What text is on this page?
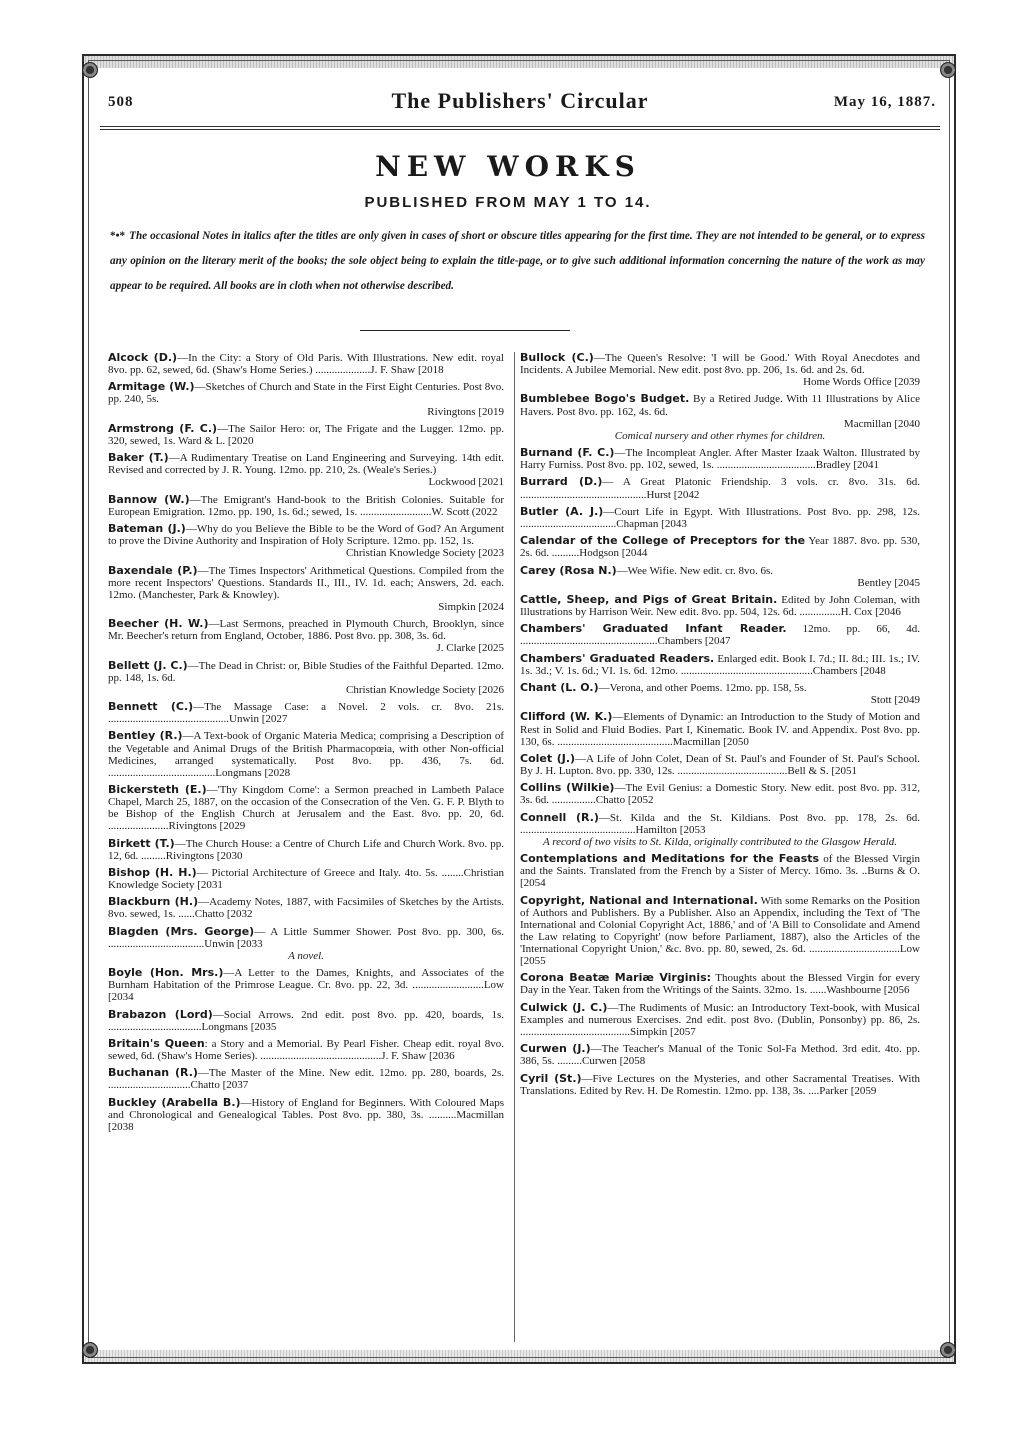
508	The Publishers' Circular	May 16, 1887.
NEW WORKS
PUBLISHED FROM MAY 1 TO 14.
*•* The occasional Notes in italics after the titles are only given in cases of short or obscure titles appearing for the first time. They are not intended to be general, or to express any opinion on the literary merit of the books; the sole object being to explain the title-page, or to give such additional information concerning the nature of the work as may appear to be required. All books are in cloth when not otherwise described.
Alcock (D.)—In the City: a Story of Old Paris. With Illustrations. New edit. royal 8vo. pp. 62, sewed, 6d. (Shaw's Home Series.) ....................J. F. Shaw [2018
Armitage (W.)—Sketches of Church and State in the First Eight Centuries. Post 8vo. pp. 240, 5s.
Rivingtons [2019
Armstrong (F. C.)—The Sailor Hero: or, The Frigate and the Lugger. 12mo. pp. 320, sewed, 1s. Ward & L. [2020
Baker (T.)—A Rudimentary Treatise on Land Engineering and Surveying. 14th edit. Revised and corrected by J. R. Young. 12mo. pp. 210, 2s. (Weale's Series.)
Lockwood [2021
Bannow (W.)—The Emigrant's Hand-book to the British Colonies. Suitable for European Emigration. 12mo. pp. 190, 1s. 6d.; sewed, 1s. ..........................W. Scott (2022
Bateman (J.)—Why do you Believe the Bible to be the Word of God? An Argument to prove the Divine Authority and Inspiration of Holy Scripture. 12mo. pp. 152, 1s.
Christian Knowledge Society [2023
Baxendale (P.)—The Times Inspectors' Arithmetical Questions. Compiled from the more recent Inspectors' Questions. Standards II., III., IV. 1d. each; Answers, 2d. each. 12mo. (Manchester, Park & Knowley).
Simpkin [2024
Beecher (H. W.)—Last Sermons, preached in Plymouth Church, Brooklyn, since Mr. Beecher's return from England, October, 1886. Post 8vo. pp. 308, 3s. 6d.
J. Clarke [2025
Bellett (J. C.)—The Dead in Christ: or, Bible Studies of the Faithful Departed. 12mo. pp. 148, 1s. 6d.
Christian Knowledge Society [2026
Bennett (C.)—The Massage Case: a Novel. 2 vols. cr. 8vo. 21s. ............................................Unwin [2027
Bentley (R.)—A Text-book of Organic Materia Medica; comprising a Description of the Vegetable and Animal Drugs of the British Pharmacopœia, with other Non-official Medicines, arranged systematically. Post 8vo. pp. 436, 7s. 6d. .......................................Longmans [2028
Bickersteth (E.)—'Thy Kingdom Come': a Sermon preached in Lambeth Palace Chapel, March 25, 1887, on the occasion of the Consecration of the Ven. G. F. P. Blyth to be Bishop of the English Church at Jerusalem and the East. 8vo. pp. 20, 6d. ......................Rivingtons [2029
Birkett (T.)—The Church House: a Centre of Church Life and Church Work. 8vo. pp. 12, 6d. .........Rivingtons [2030
Bishop (H. H.)— Pictorial Architecture of Greece and Italy. 4to. 5s. ........Christian Knowledge Society [2031
Blackburn (H.)—Academy Notes, 1887, with Facsimiles of Sketches by the Artists. 8vo. sewed, 1s. ......Chatto [2032
Blagden (Mrs. George)— A Little Summer Shower. Post 8vo. pp. 300, 6s. ...................................Unwin [2033
A novel.
Boyle (Hon. Mrs.)—A Letter to the Dames, Knights, and Associates of the Burnham Habitation of the Primrose League. Cr. 8vo. pp. 22, 3d. ..........................Low [2034
Brabazon (Lord)—Social Arrows. 2nd edit. post 8vo. pp. 420, boards, 1s. ..................................Longmans [2035
Britain's Queen: a Story and a Memorial. By Pearl Fisher. Cheap edit. royal 8vo. sewed, 6d. (Shaw's Home Series). ............................................J. F. Shaw [2036
Buchanan (R.)—The Master of the Mine. New edit. 12mo. pp. 280, boards, 2s. ..............................Chatto [2037
Buckley (Arabella B.)—History of England for Beginners. With Coloured Maps and Chronological and Genealogical Tables. Post 8vo. pp. 380, 3s. ..........Macmillan [2038
Bullock (C.)—The Queen's Resolve: 'I will be Good.' With Royal Anecdotes and Incidents. A Jubilee Memorial. New edit. post 8vo. pp. 206, 1s. 6d. and 2s. 6d.
Home Words Office [2039
Bumblebee Bogo's Budget. By a Retired Judge. With 11 Illustrations by Alice Havers. Post 8vo. pp. 162, 4s. 6d.
Macmillan [2040
Comical nursery and other rhymes for children.
Burnand (F. C.)—The Incompleat Angler. After Master Izaak Walton. Illustrated by Harry Furniss. Post 8vo. pp. 102, sewed, 1s. ....................................Bradley [2041
Burrard (D.)— A Great Platonic Friendship. 3 vols. cr. 8vo. 31s. 6d. ..............................................Hurst [2042
Butler (A. J.)—Court Life in Egypt. With Illustrations. Post 8vo. pp. 298, 12s. ...................................Chapman [2043
Calendar of the College of Preceptors for the Year 1887. 8vo. pp. 530, 2s. 6d. ..........Hodgson [2044
Carey (Rosa N.)—Wee Wifie. New edit. cr. 8vo. 6s.
Bentley [2045
Cattle, Sheep, and Pigs of Great Britain. Edited by John Coleman, with Illustrations by Harrison Weir. New edit. 8vo. pp. 504, 12s. 6d. ...............H. Cox [2046
Chambers' Graduated Infant Reader. 12mo. pp. 66, 4d. ..................................................Chambers [2047
Chambers' Graduated Readers. Enlarged edit. Book I. 7d.; II. 8d.; III. 1s.; IV. 1s. 3d.; V. 1s. 6d.; VI. 1s. 6d. 12mo. ................................................Chambers [2048
Chant (L. O.)—Verona, and other Poems. 12mo. pp. 158, 5s.
Stott [2049
Clifford (W. K.)—Elements of Dynamic: an Introduction to the Study of Motion and Rest in Solid and Fluid Bodies. Part I, Kinematic. Book IV. and Appendix. Post 8vo. pp. 130, 6s. ..........................................Macmillan [2050
Colet (J.)—A Life of John Colet, Dean of St. Paul's and Founder of St. Paul's School. By J. H. Lupton. 8vo. pp. 330, 12s. ........................................Bell & S. [2051
Collins (Wilkie)—The Evil Genius: a Domestic Story. New edit. post 8vo. pp. 312, 3s. 6d. ................Chatto [2052
Connell (R.)—St. Kilda and the St. Kildians. Post 8vo. pp. 178, 2s. 6d. ..........................................Hamilton [2053
A record of two visits to St. Kilda, originally contributed to the Glasgow Herald.
Contemplations and Meditations for the Feasts of the Blessed Virgin and the Saints. Translated from the French by a Sister of Mercy. 16mo. 3s. ..Burns & O. [2054
Copyright, National and International. With some Remarks on the Position of Authors and Publishers. By a Publisher. Also an Appendix, including the Text of 'The International and Colonial Copyright Act, 1886,' and of 'A Bill to Consolidate and Amend the Law relating to Copyright' (now before Parliament, 1887), also the Articles of the 'International Copyright Union,' &c. 8vo. pp. 80, sewed, 2s. 6d. .................................Low [2055
Corona Beatæ Mariæ Virginis: Thoughts about the Blessed Virgin for every Day in the Year. Taken from the Writings of the Saints. 32mo. 1s. ......Washbourne [2056
Culwick (J. C.)—The Rudiments of Music: an Introductory Text-book, with Musical Examples and numerous Exercises. 2nd edit. post 8vo. (Dublin, Ponsonby) pp. 86, 2s. ........................................Simpkin [2057
Curwen (J.)—The Teacher's Manual of the Tonic Sol-Fa Method. 3rd edit. 4to. pp. 386, 5s. .........Curwen [2058
Cyril (St.)—Five Lectures on the Mysteries, and other Sacramental Treatises. With Translations. Edited by Rev. H. De Romestin. 12mo. pp. 138, 3s. ....Parker [2059
